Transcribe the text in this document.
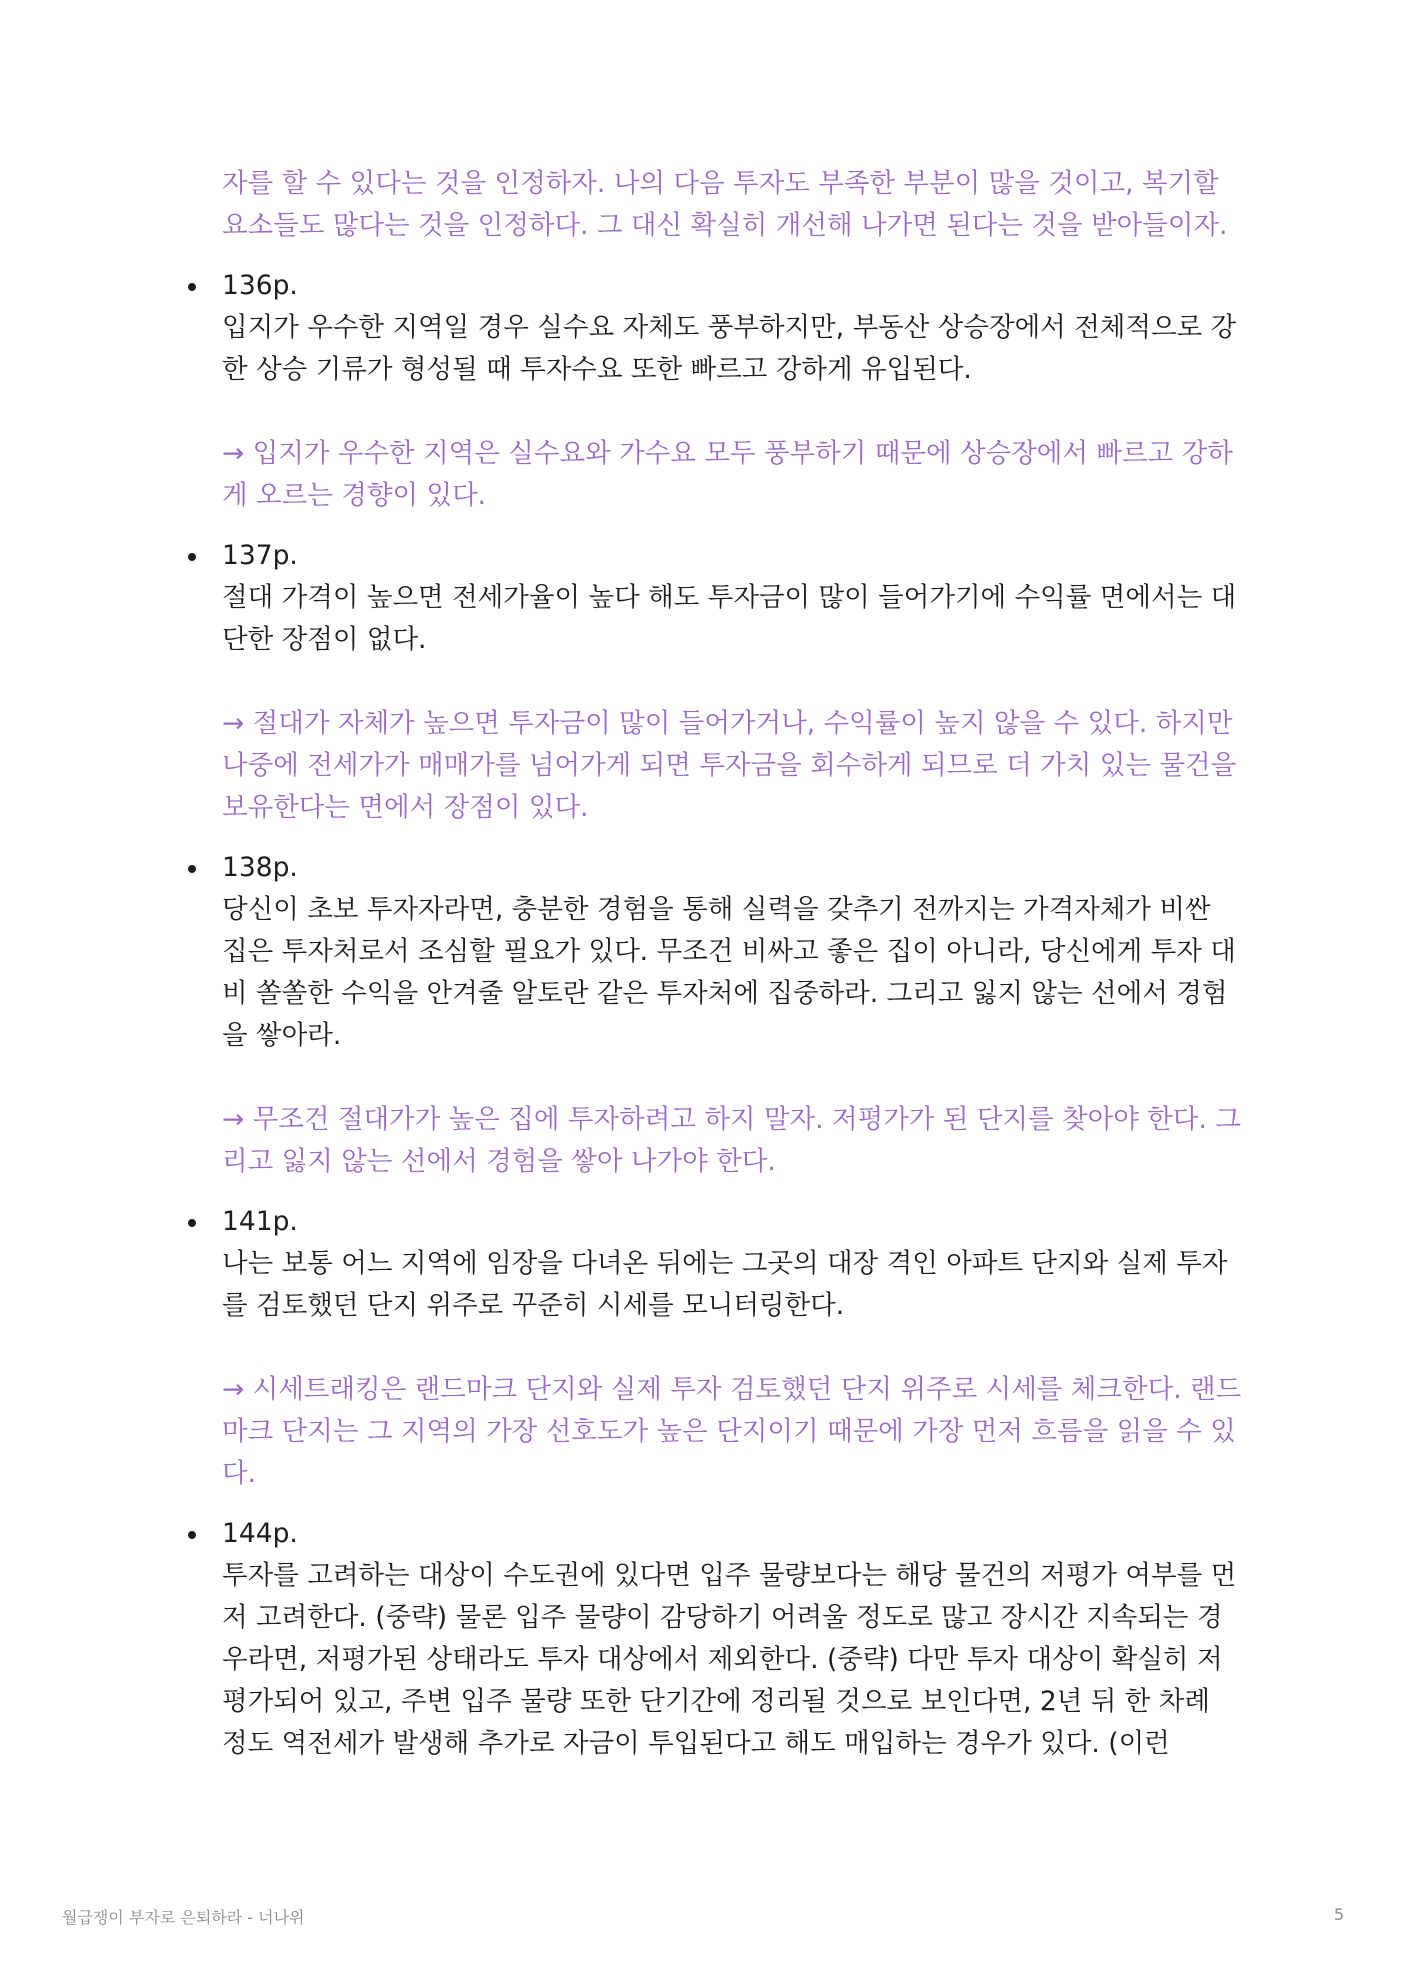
자를 할 수 있다는 것을 인정하자. 나의 다음 투자도 부족한 부분이 많을 것이고, 복기할 요소들도 많다는 것을 인정하다. 그 대신 확실히 개선해 나가면 된다는 것을 받아들이자.

136p.

입지가 우수한 지역일 경우 실수요 자체도 풍부하지만, 부동산 상승장에서 전체적으로 강한 상승 기류가 형성될 때 투자수요 또한 빠르고 강하게 유입된다.

→ 입지가 우수한 지역은 실수요와 가수요 모두 풍부하기 때문에 상승장에서 빠르고 강하게 오르는 경향이 있다.

137p.

절대 가격이 높으면 전세가율이 높다 해도 투자금이 많이 들어가기에 수익률 면에서는 대단한 장점이 없다.

→ 절대가 자체가 높으면 투자금이 많이 들어가거나, 수익률이 높지 않을 수 있다. 하지만 나중에 전세가가 매매가를 넘어가게 되면 투자금을 회수하게 되므로 더 가치 있는 물건을 보유한다는 면에서 장점이 있다.

138p.

당신이 초보 투자자라면, 충분한 경험을 통해 실력을 갖추기 전까지는 가격자체가 비싼 집은 투자처로서 조심할 필요가 있다. 무조건 비싸고 좋은 집이 아니라, 당신에게 투자 대비 쏠쏠한 수익을 안겨줄 알토란 같은 투자처에 집중하라. 그리고 잃지 않는 선에서 경험을 쌓아라.

→ 무조건 절대가가 높은 집에 투자하려고 하지 말자. 저평가가 된 단지를 찾아야 한다. 그리고 잃지 않는 선에서 경험을 쌓아 나가야 한다.

141p.

나는 보통 어느 지역에 임장을 다녀온 뒤에는 그곳의 대장 격인 아파트 단지와 실제 투자를 검토했던 단지 위주로 꾸준히 시세를 모니터링한다.

→ 시세트래킹은 랜드마크 단지와 실제 투자 검토했던 단지 위주로 시세를 체크한다. 랜드마크 단지는 그 지역의 가장 선호도가 높은 단지이기 때문에 가장 먼저 흐름을 읽을 수 있다.

144p.

투자를 고려하는 대상이 수도권에 있다면 입주 물량보다는 해당 물건의 저평가 여부를 먼저 고려한다. (중략) 물론 입주 물량이 감당하기 어려울 정도로 많고 장시간 지속되는 경우라면, 저평가된 상태라도 투자 대상에서 제외한다. (중략) 다만 투자 대상이 확실히 저평가되어 있고, 주변 입주 물량 또한 단기간에 정리될 것으로 보인다면, 2년 뒤 한 차례 정도 역전세가 발생해 추가로 자금이 투입된다고 해도 매입하는 경우가 있다. (이런

월급쟁이 부자로 은퇴하라 - 너나위	5
